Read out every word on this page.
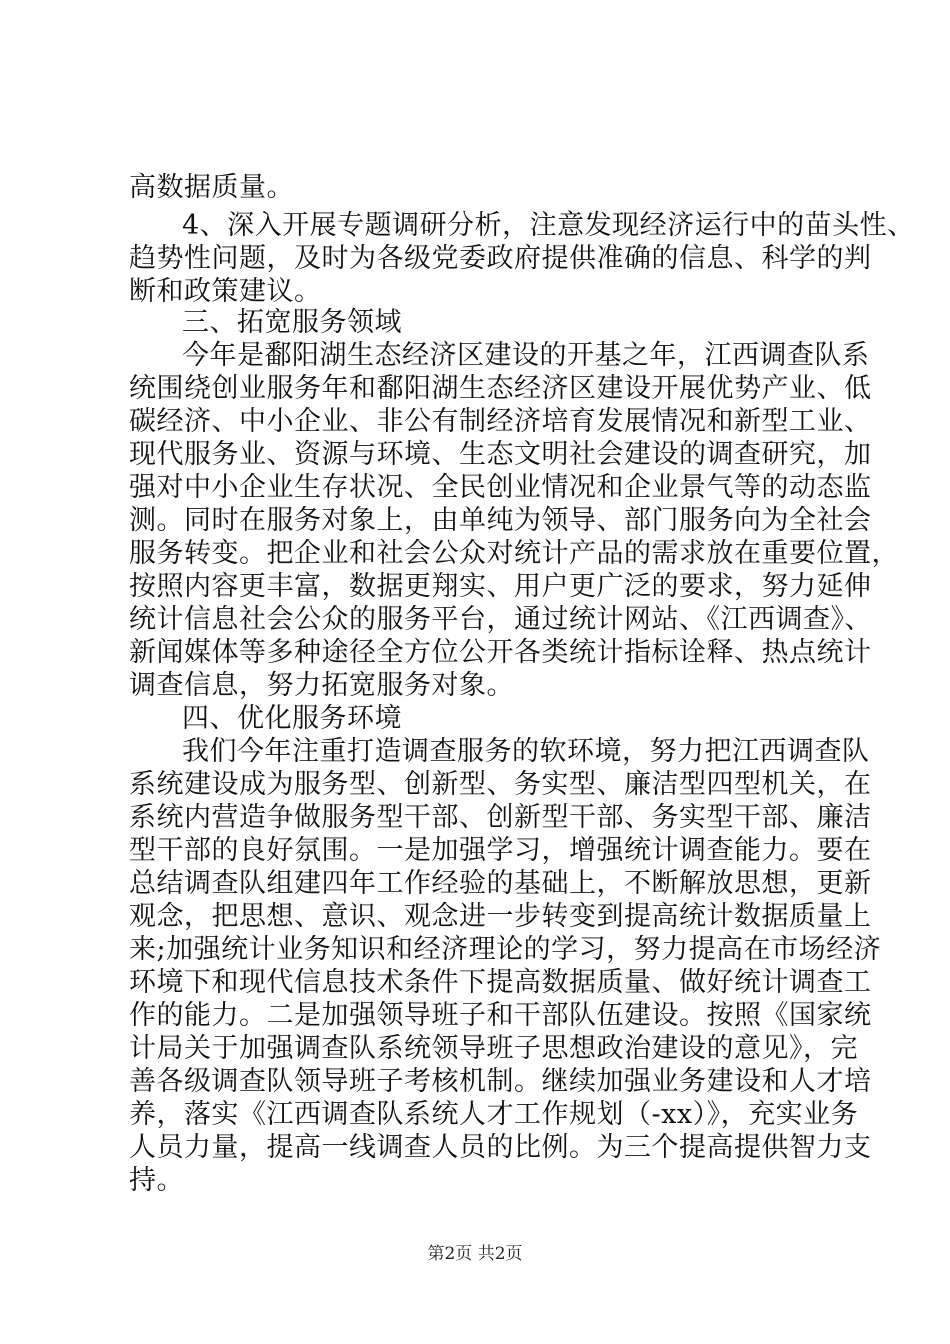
高数据质量。
4、深入开展专题调研分析，注意发现经济运行中的苗头性、
趋势性问题，及时为各级党委政府提供准确的信息、科学的判
断和政策建议。
三、拓宽服务领域
今年是鄱阳湖生态经济区建设的开基之年，江西调查队系
统围绕创业服务年和鄱阳湖生态经济区建设开展优势产业、低
碳经济、中小企业、非公有制经济培育发展情况和新型工业、
现代服务业、资源与环境、生态文明社会建设的调查研究，加
强对中小企业生存状况、全民创业情况和企业景气等的动态监
测。同时在服务对象上，由单纯为领导、部门服务向为全社会
服务转变。把企业和社会公众对统计产品的需求放在重要位置，
按照内容更丰富，数据更翔实、用户更广泛的要求，努力延伸
统计信息社会公众的服务平台，通过统计网站、《江西调查》、
新闻媒体等多种途径全方位公开各类统计指标诠释、热点统计
调查信息，努力拓宽服务对象。
四、优化服务环境
我们今年注重打造调查服务的软环境，努力把江西调查队
系统建设成为服务型、创新型、务实型、廉洁型四型机关，在
系统内营造争做服务型干部、创新型干部、务实型干部、廉洁
型干部的良好氛围。一是加强学习，增强统计调查能力。要在
总结调查队组建四年工作经验的基础上，不断解放思想，更新
观念，把思想、意识、观念进一步转变到提高统计数据质量上
来;加强统计业务知识和经济理论的学习，努力提高在市场经济
环境下和现代信息技术条件下提高数据质量、做好统计调查工
作的能力。二是加强领导班子和干部队伍建设。按照《国家统
计局关于加强调查队系统领导班子思想政治建设的意见》，完
善各级调查队领导班子考核机制。继续加强业务建设和人才培
养，落实《江西调查队系统人才工作规划（-xx）》，充实业务
人员力量，提高一线调查人员的比例。为三个提高提供智力支
持。
第2页 共2页
